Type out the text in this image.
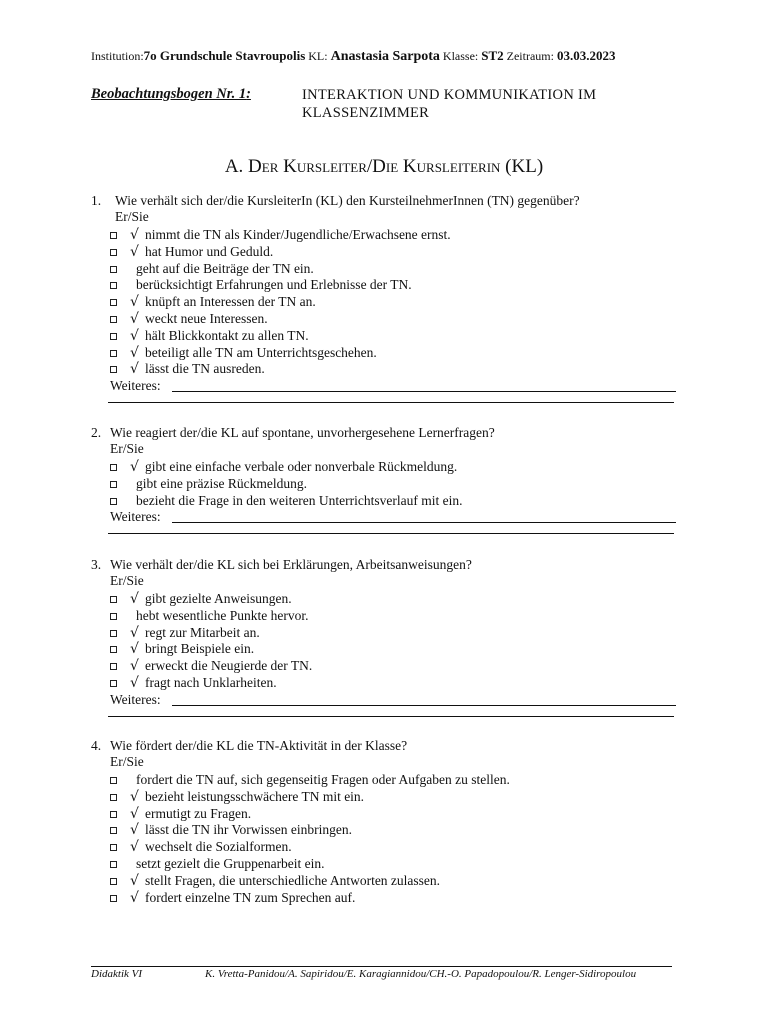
Institution:7o Grundschule Stavroupolis KL: Anastasia Sarpota Klasse: ST2 Zeitraum: 03.03.2023
Beobachtungsbogen Nr. 1:	INTERAKTION UND KOMMUNIKATION IM
KLASSENZIMMER
A. Der Kursleiter/Die Kursleiterin (KL)
1. Wie verhält sich der/die KursleiterIn (KL) den KursteilnehmerInnen (TN) gegenüber?
Er/Sie
√ nimmt die TN als Kinder/Jugendliche/Erwachsene ernst.
√ hat Humor und Geduld.
geht auf die Beiträge der TN ein.
berücksichtigt Erfahrungen und Erlebnisse der TN.
√ knüpft an Interessen der TN an.
√ weckt neue Interessen.
√ hält Blickkontakt zu allen TN.
√ beteiligt alle TN am Unterrichtsgeschehen.
√ lässt die TN ausreden.
Weiteres:
2. Wie reagiert der/die KL auf spontane, unvorhergesehene Lernerfragen?
Er/Sie
√ gibt eine einfache verbale oder nonverbale Rückmeldung.
gibt eine präzise Rückmeldung.
bezieht die Frage in den weiteren Unterrichtsverlauf mit ein.
Weiteres:
3. Wie verhält der/die KL sich bei Erklärungen, Arbeitsanweisungen?
Er/Sie
√ gibt gezielte Anweisungen.
hebt wesentliche Punkte hervor.
√ regt zur Mitarbeit an.
√ bringt Beispiele ein.
√ erweckt die Neugierde der TN.
√ fragt nach Unklarheiten.
Weiteres:
4. Wie fördert der/die KL die TN-Aktivität in der Klasse?
Er/Sie
fordert die TN auf, sich gegenseitig Fragen oder Aufgaben zu stellen.
√ bezieht leistungsschwächere TN mit ein.
√ ermutigt zu Fragen.
√ lässt die TN ihr Vorwissen einbringen.
√ wechselt die Sozialformen.
setzt gezielt die Gruppenarbeit ein.
√ stellt Fragen, die unterschiedliche Antworten zulassen.
√ fordert einzelne TN zum Sprechen auf.
Didaktik VI	K. Vretta-Panidou/A. Sapiridou/E. Karagiannidou/CH.-O. Papadopoulou/R. Lenger-Sidiropoulou
